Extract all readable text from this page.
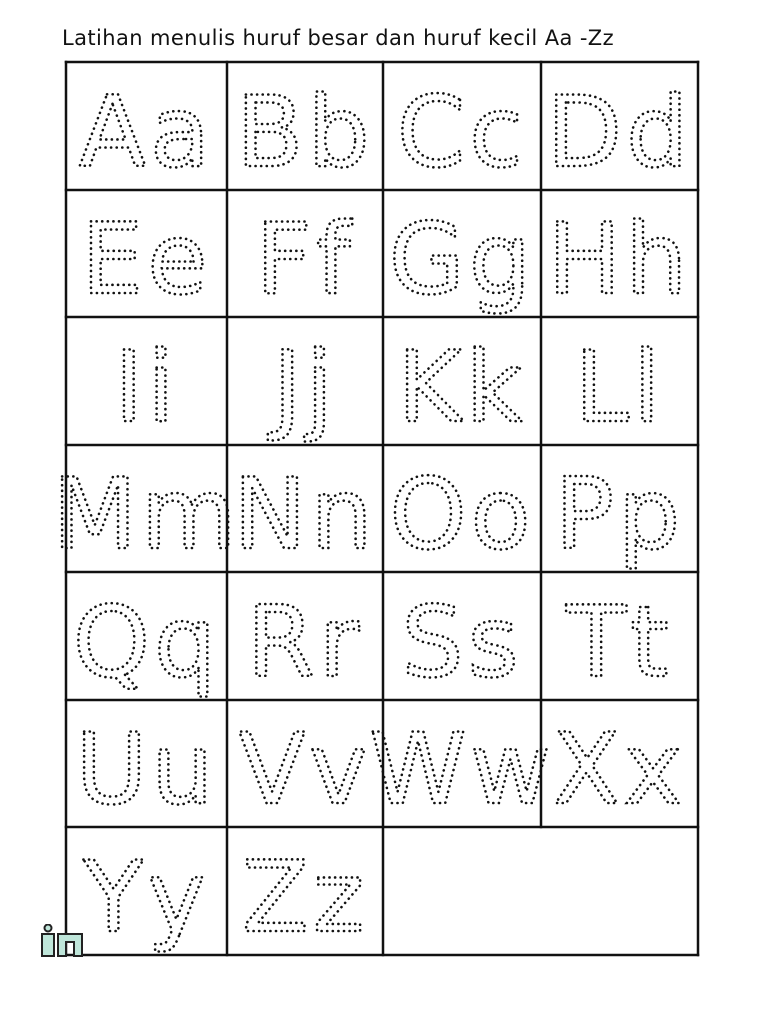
Latihan menulis huruf besar dan huruf kecil Aa -Zz
Aa Bb Cc Dd
Ee Ff Gg Hh
Ii Jj Kk Ll
Mm
Nn Oo Pp
Qq Rr Ss Tt
Uu Vv
Ww
Xx
Yy Zz
